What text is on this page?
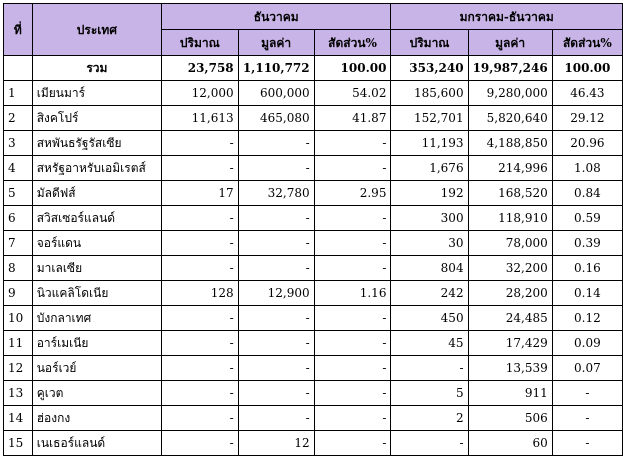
ที่	ประเทศ	ธันวาคม			มกราคม-ธันวาคม		
		ปริมาณ	มูลค่า	สัดส่วน%	ปริมาณ	มูลค่า	สัดส่วน%
	รวม	23,758	1,110,772	100.00	353,240	19,987,246	100.00
1	เมียนมาร์	12,000	600,000	54.02	185,600	9,280,000	46.43
2	สิงคโปร์	11,613	465,080	41.87	152,701	5,820,640	29.12
3	สหพันธรัฐรัสเซีย	-	-	-	11,193	4,188,850	20.96
4	สหรัฐอาหรับเอมิเรตส์	-	-	-	1,676	214,996	1.08
5	มัลดีฟส์	17	32,780	2.95	192	168,520	0.84
6	สวิสเซอร์แลนด์	-	-	-	300	118,910	0.59
7	จอร์แดน	-	-	-	30	78,000	0.39
8	มาเลเซีย	-	-	-	804	32,200	0.16
9	นิวแคลิโดเนีย	128	12,900	1.16	242	28,200	0.14
10	บังกลาเทศ	-	-	-	450	24,485	0.12
11	อาร์เมเนีย	-	-	-	45	17,429	0.09
12	นอร์เวย์	-	-	-	-	13,539	0.07
13	คูเวต	-	-	-	5	911	-
14	ฮ่องกง	-	-	-	2	506	-
15	เนเธอร์แลนด์	-	12	-	-	60	-
